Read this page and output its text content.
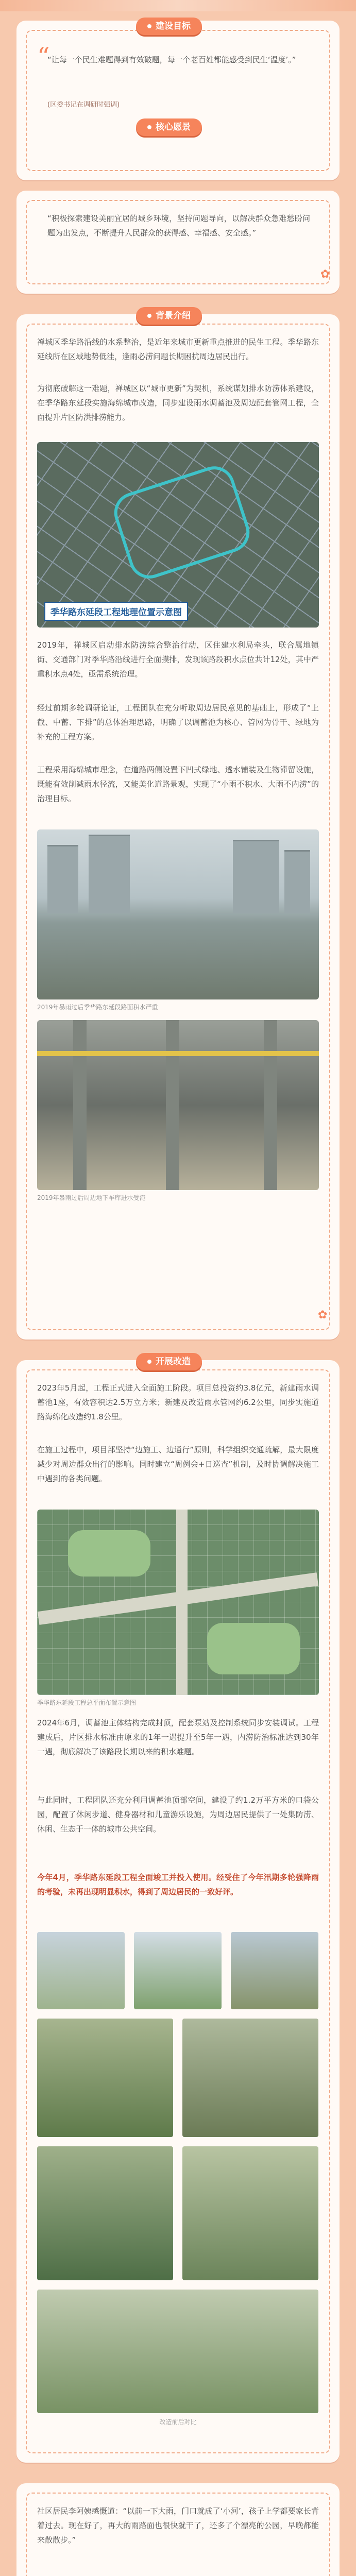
建设目标
“
“让每一个民生难题得到有效破题，每一个老百姓都能感受到民生‘温度’。”
(区委书记在调研时强调)
核心愿景
“积极探索建设美丽宜居的城乡环境，坚持问题导向，以解决群众急难愁盼问题为出发点，不断提升人民群众的获得感、幸福感、安全感。”
✿
背景介绍
禅城区季华路沿线的水系整治，是近年来城市更新重点推进的民生工程。季华路东延线所在区域地势低洼，逢雨必涝问题长期困扰周边居民出行。
为彻底破解这一难题，禅城区以“城市更新”为契机，系统谋划排水防涝体系建设，在季华路东延段实施海绵城市改造，同步建设雨水调蓄池及周边配套管网工程，全面提升片区防洪排涝能力。
季华路东延段工程地理位置示意图
2019年，禅城区启动排水防涝综合整治行动，区住建水利局牵头，联合属地镇街、交通部门对季华路沿线进行全面摸排，发现该路段积水点位共计12处，其中严重积水点4处，亟需系统治理。
经过前期多轮调研论证，工程团队在充分听取周边居民意见的基础上，形成了“上截、中蓄、下排”的总体治理思路，明确了以调蓄池为核心、管网为骨干、绿地为补充的工程方案。
工程采用海绵城市理念，在道路两侧设置下凹式绿地、透水铺装及生物滞留设施，既能有效削减雨水径流，又能美化道路景观，实现了“小雨不积水、大雨不内涝”的治理目标。
2019年暴雨过后季华路东延段路面积水严重
2019年暴雨过后周边地下车库进水受淹
✿
开展改造
2023年5月起，工程正式进入全面施工阶段。项目总投资约3.8亿元，新建雨水调蓄池1座，有效容积达2.5万立方米；新建及改造雨水管网约6.2公里，同步实施道路海绵化改造约1.8公里。
在施工过程中，项目部坚持“边施工、边通行”原则，科学组织交通疏解，最大限度减少对周边群众出行的影响。同时建立“周例会+日巡查”机制，及时协调解决施工中遇到的各类问题。
季华路东延段工程总平面布置示意图
2024年6月，调蓄池主体结构完成封顶，配套泵站及控制系统同步安装调试。工程建成后，片区排水标准由原来的1年一遇提升至5年一遇，内涝防治标准达到30年一遇，彻底解决了该路段长期以来的积水难题。
与此同时，工程团队还充分利用调蓄池顶部空间，建设了约1.2万平方米的口袋公园，配置了休闲步道、健身器材和儿童游乐设施，为周边居民提供了一处集防涝、休闲、生态于一体的城市公共空间。
今年4月，季华路东延段工程全面竣工并投入使用。经受住了今年汛期多轮强降雨的考验，未再出现明显积水，得到了周边居民的一致好评。
改造前后对比
社区居民李阿姨感慨道：“以前一下大雨，门口就成了‘小河’，孩子上学都要家长背着过去。现在好了，再大的雨路面也很快就干了，还多了个漂亮的公园，早晚都能来散散步。”
